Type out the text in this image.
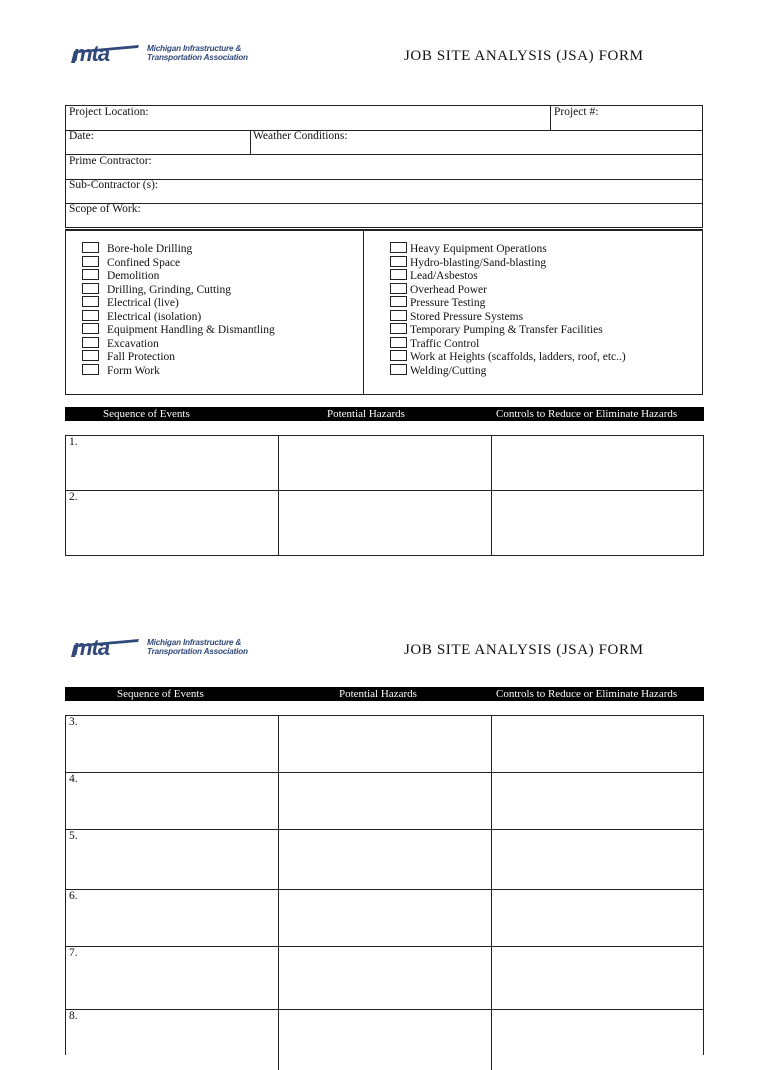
mta	Michigan Infrastructure &
Transportation Association	JOB SITE ANALYSIS (JSA) FORM
Project Location:	Project #:
Date:	Weather Conditions:
Prime Contractor:
Sub-Contractor (s):
Scope of Work:
Bore-hole Drilling
Confined Space
Demolition
Drilling, Grinding, Cutting
Electrical (live)
Electrical (isolation)
Equipment Handling & Dismantling
Excavation
Fall Protection
Form Work
Heavy Equipment Operations
Hydro-blasting/Sand-blasting
Lead/Asbestos
Overhead Power
Pressure Testing
Stored Pressure Systems
Temporary Pumping & Transfer Facilities
Traffic Control
Work at Heights (scaffolds, ladders, roof, etc..)
Welding/Cutting
Sequence of Events	Potential Hazards	Controls to Reduce or Eliminate Hazards
1.
2.
mta	Michigan Infrastructure &
Transportation Association	JOB SITE ANALYSIS (JSA) FORM
Sequence of Events	Potential Hazards	Controls to Reduce or Eliminate Hazards
3.
4.
5.
6.
7.
8.
